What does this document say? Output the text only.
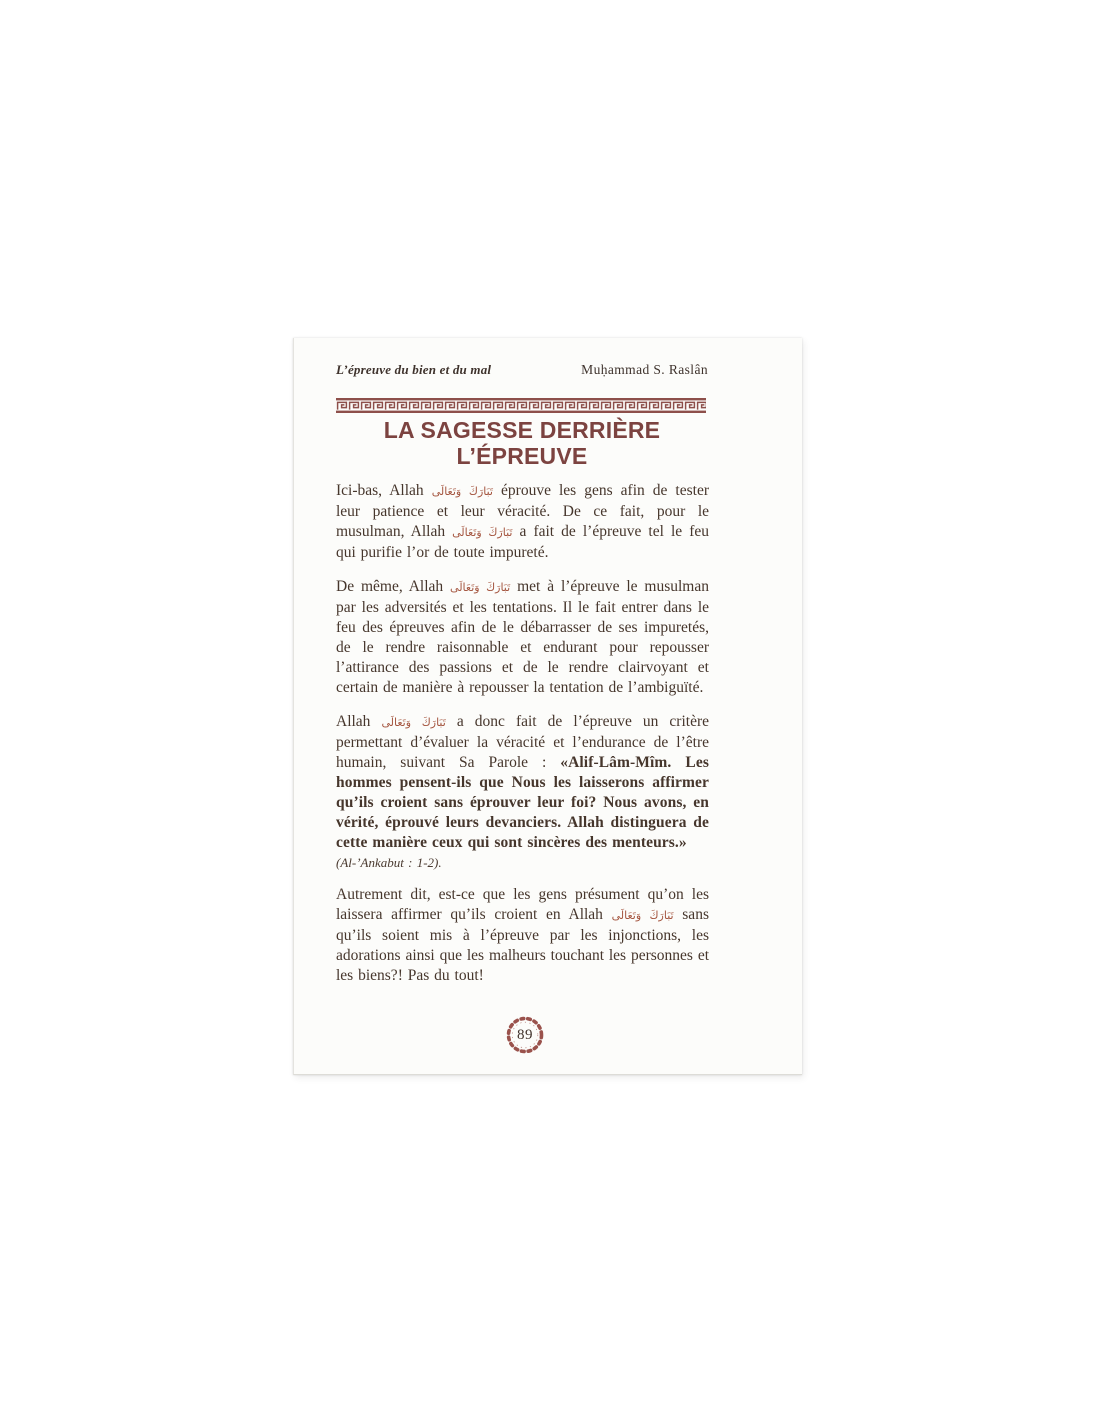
L’épreuve du bien et du mal	Muḥammad S. Raslân
LA SAGESSE DERRIÈRE L’ÉPREUVE

Ici-bas, Allah تَبَارَكَ وَتَعَالَى éprouve les gens afin de tester leur patience et leur véracité. De ce fait, pour le musulman, Allah تَبَارَكَ وَتَعَالَى a fait de l’épreuve tel le feu qui purifie l’or de toute impureté.

De même, Allah تَبَارَكَ وَتَعَالَى met à l’épreuve le musulman par les adversités et les tentations. Il le fait entrer dans le feu des épreuves afin de le débarrasser de ses impuretés, de le rendre raisonnable et endurant pour repousser l’attirance des passions et de le rendre clairvoyant et certain de manière à repousser la tentation de l’ambiguïté.

Allah تَبَارَكَ وَتَعَالَى a donc fait de l’épreuve un critère permettant d’évaluer la véracité et l’endurance de l’être humain, suivant Sa Parole : «Alif-Lâm-Mîm. Les hommes pensent-ils que Nous les laisserons affirmer qu’ils croient sans éprouver leur foi? Nous avons, en vérité, éprouvé leurs devanciers. Allah distinguera de cette manière ceux qui sont sincères des menteurs.»

(Al-’Ankabut : 1-2).

Autrement dit, est-ce que les gens présument qu’on les laissera affirmer qu’ils croient en Allah تَبَارَكَ وَتَعَالَى sans qu’ils soient mis à l’épreuve par les injonctions, les adorations ainsi que les malheurs touchant les personnes et les biens?! Pas du tout!

89
